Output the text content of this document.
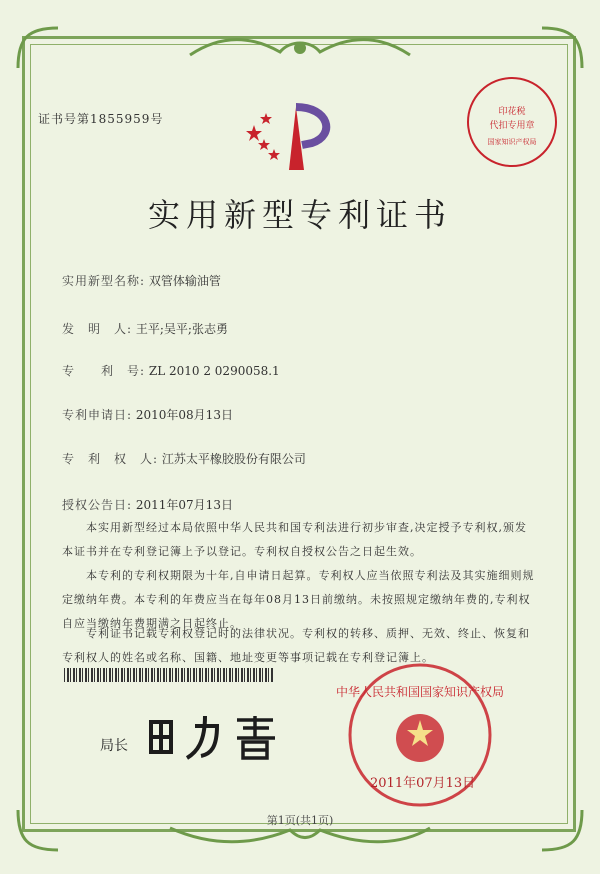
证书号第1855959号	印花税
代扣专用章
国家知识产权局
实用新型专利证书
实用新型名称: 双管体输油管
发　明　人: 王平;吴平;张志勇
专　　利　号: ZL 2010 2 0290058.1
专利申请日: 2010年08月13日
专　利　权　人: 江苏太平橡胶股份有限公司
授权公告日: 2011年07月13日
本实用新型经过本局依照中华人民共和国专利法进行初步审查,决定授予专利权,颁发本证书并在专利登记簿上予以登记。专利权自授权公告之日起生效。
本专利的专利权期限为十年,自申请日起算。专利权人应当依照专利法及其实施细则规定缴纳年费。本专利的年费应当在每年08月13日前缴纳。未按照规定缴纳年费的,专利权自应当缴纳年费期满之日起终止。
专利证书记载专利权登记时的法律状况。专利权的转移、质押、无效、终止、恢复和专利权人的姓名或名称、国籍、地址变更等事项记载在专利登记簿上。
局长
中华人民共和国国家知识产权局
2011年07月13日
第1页(共1页)
